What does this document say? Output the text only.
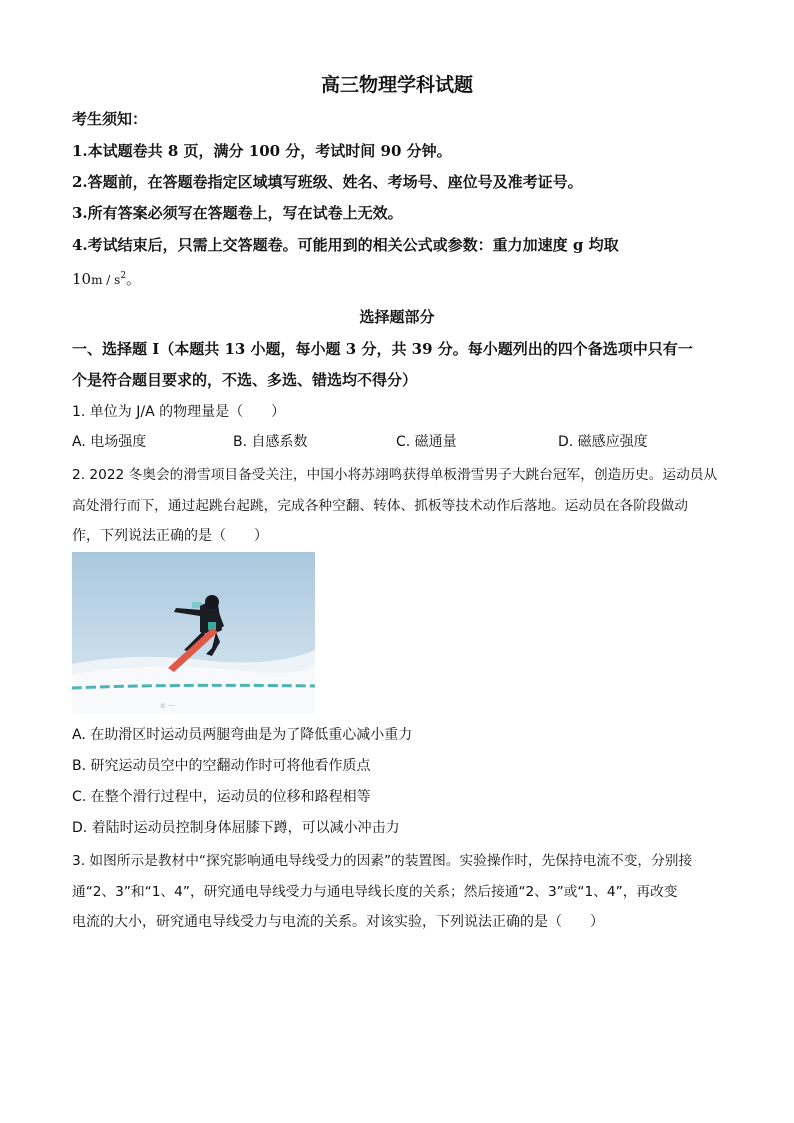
高三物理学科试题
考生须知：
1.本试题卷共 8 页，满分 100 分，考试时间 90 分钟。
2.答题前，在答题卷指定区域填写班级、姓名、考场号、座位号及准考证号。
3.所有答案必须写在答题卷上，写在试卷上无效。
4.考试结束后，只需上交答题卷。可能用到的相关公式或参数：重力加速度 g 均取
$10m / s^2$。
选择题部分
一、选择题 I（本题共 13 小题，每小题 3 分，共 39 分。每小题列出的四个备选项中只有一
个是符合题目要求的，不选、多选、错选均不得分）
1. 单位为 J/A 的物理量是（　　）
A. 电场强度	B. 自感系数	C. 磁通量	D. 磁感应强度
2. 2022 冬奥会的滑雪项目备受关注，中国小将苏翊鸣获得单板滑雪男子大跳台冠军，创造历史。运动员从
高处滑行而下，通过起跳台起跳，完成各种空翻、转体、抓板等技术动作后落地。运动员在各阶段做动
作，下列说法正确的是（　　）
© ····
A. 在助滑区时运动员两腿弯曲是为了降低重心减小重力
B. 研究运动员空中的空翻动作时可将他看作质点
C. 在整个滑行过程中，运动员的位移和路程相等
D. 着陆时运动员控制身体屈膝下蹲，可以减小冲击力
3. 如图所示是教材中“探究影响通电导线受力的因素”的装置图。实验操作时，先保持电流不变，分别接
通“2、3”和“1、4”，研究通电导线受力与通电导线长度的关系；然后接通“2、3”或“1、4”，再改变
电流的大小，研究通电导线受力与电流的关系。对该实验，下列说法正确的是（　　）
